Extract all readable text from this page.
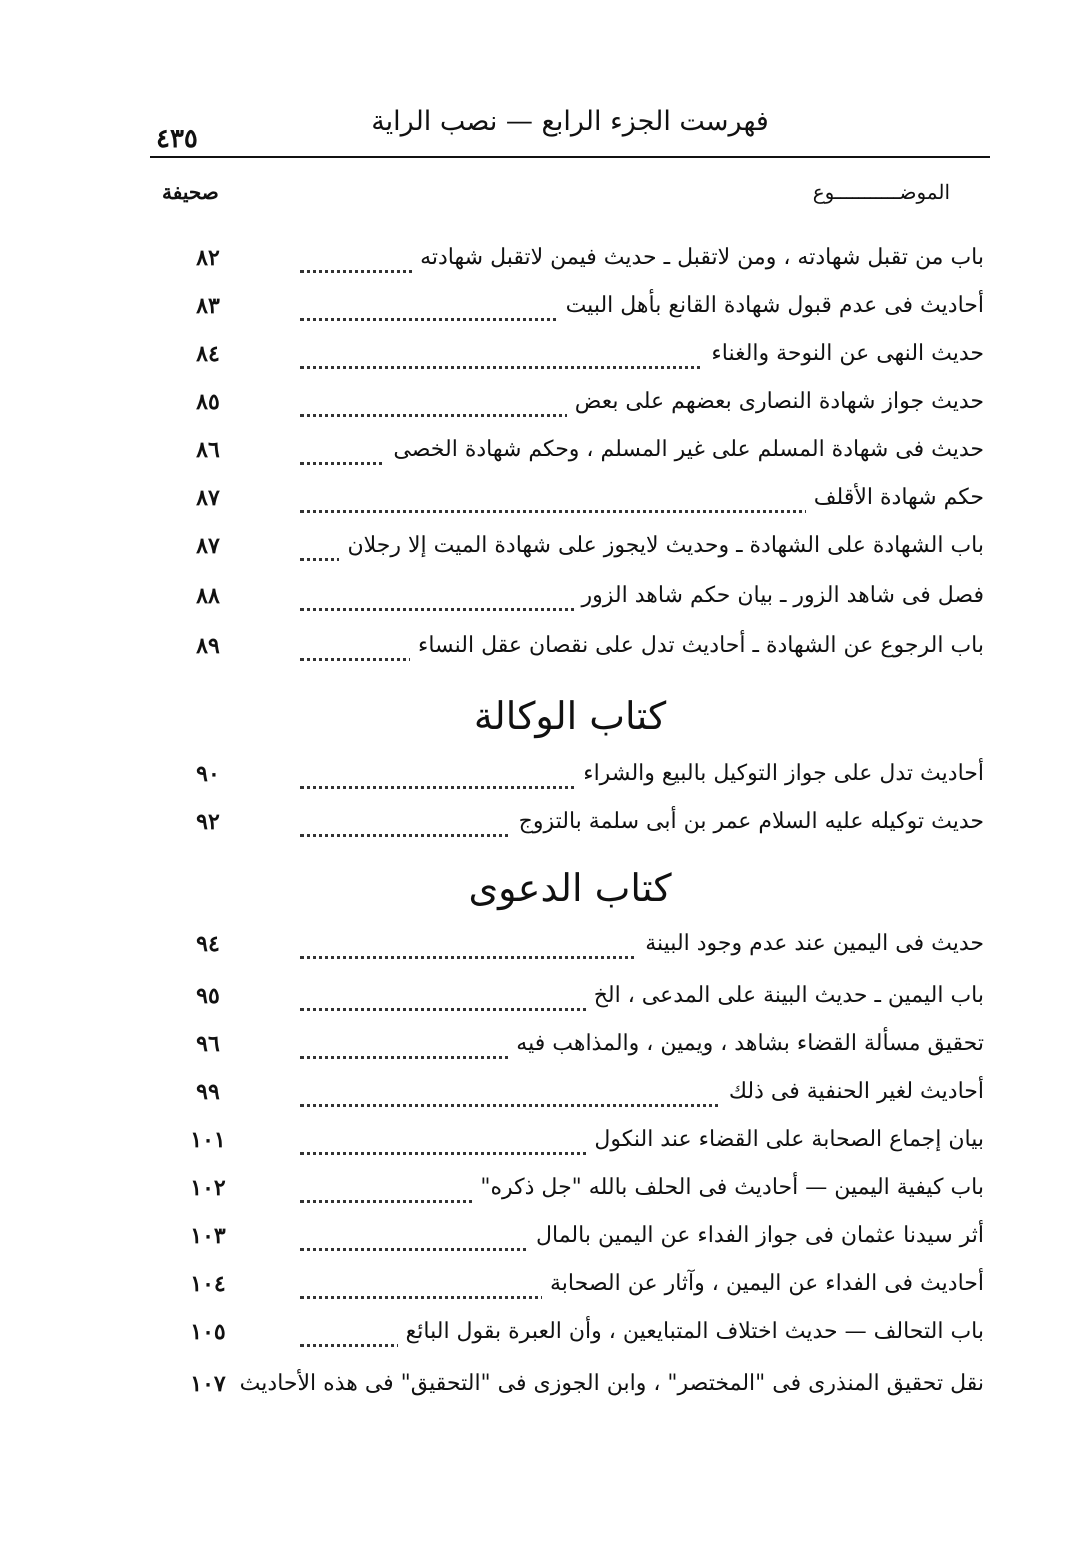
فهرست الجزء الرابع — نصب الراية
٤٣٥
الموضـــــــــــوع
صحيفة
باب من تقبل شهادته ، ومن لاتقبل ـ حديث فيمن لاتقبل شهادته
٨٢
أحاديث فى عدم قبول شهادة القانع بأهل البيت
٨٣
حديث النهى عن النوحة والغناء
٨٤
حديث جواز شهادة النصارى بعضهم على بعض
٨٥
حديث فى شهادة المسلم على غير المسلم ، وحكم شهادة الخصى
٨٦
حكم شهادة الأقلف
٨٧
باب الشهادة على الشهادة ـ وحديث لايجوز على شهادة الميت إلا رجلان
٨٧
فصل فى شاهد الزور ـ بيان حكم شاهد الزور
٨٨
باب الرجوع عن الشهادة ـ أحاديث تدل على نقصان عقل النساء
٨٩
كتاب الوكالة
أحاديث تدل على جواز التوكيل بالبيع والشراء
٩٠
حديث توكيله عليه السلام عمر بن أبى سلمة بالتزوج
٩٢
كتاب الدعوى
حديث فى اليمين عند عدم وجود البينة
٩٤
باب اليمين ـ حديث البينة على المدعى ، الخ
٩٥
تحقيق مسألة القضاء بشاهد ، ويمين ، والمذاهب فيه
٩٦
أحاديث لغير الحنفية فى ذلك
٩٩
بيان إجماع الصحابة على القضاء عند النكول
١٠١
باب كيفية اليمين — أحاديث فى الحلف بالله "جل ذكره"
١٠٢
أثر سيدنا عثمان فى جواز الفداء عن اليمين بالمال
١٠٣
أحاديث فى الفداء عن اليمين ، وآثار عن الصحابة
١٠٤
باب التحالف — حديث اختلاف المتبايعين ، وأن العبرة بقول البائع
١٠٥
نقل تحقيق المنذرى فى "المختصر" ، وابن الجوزى فى "التحقيق" فى هذه الأحاديث
١٠٧
